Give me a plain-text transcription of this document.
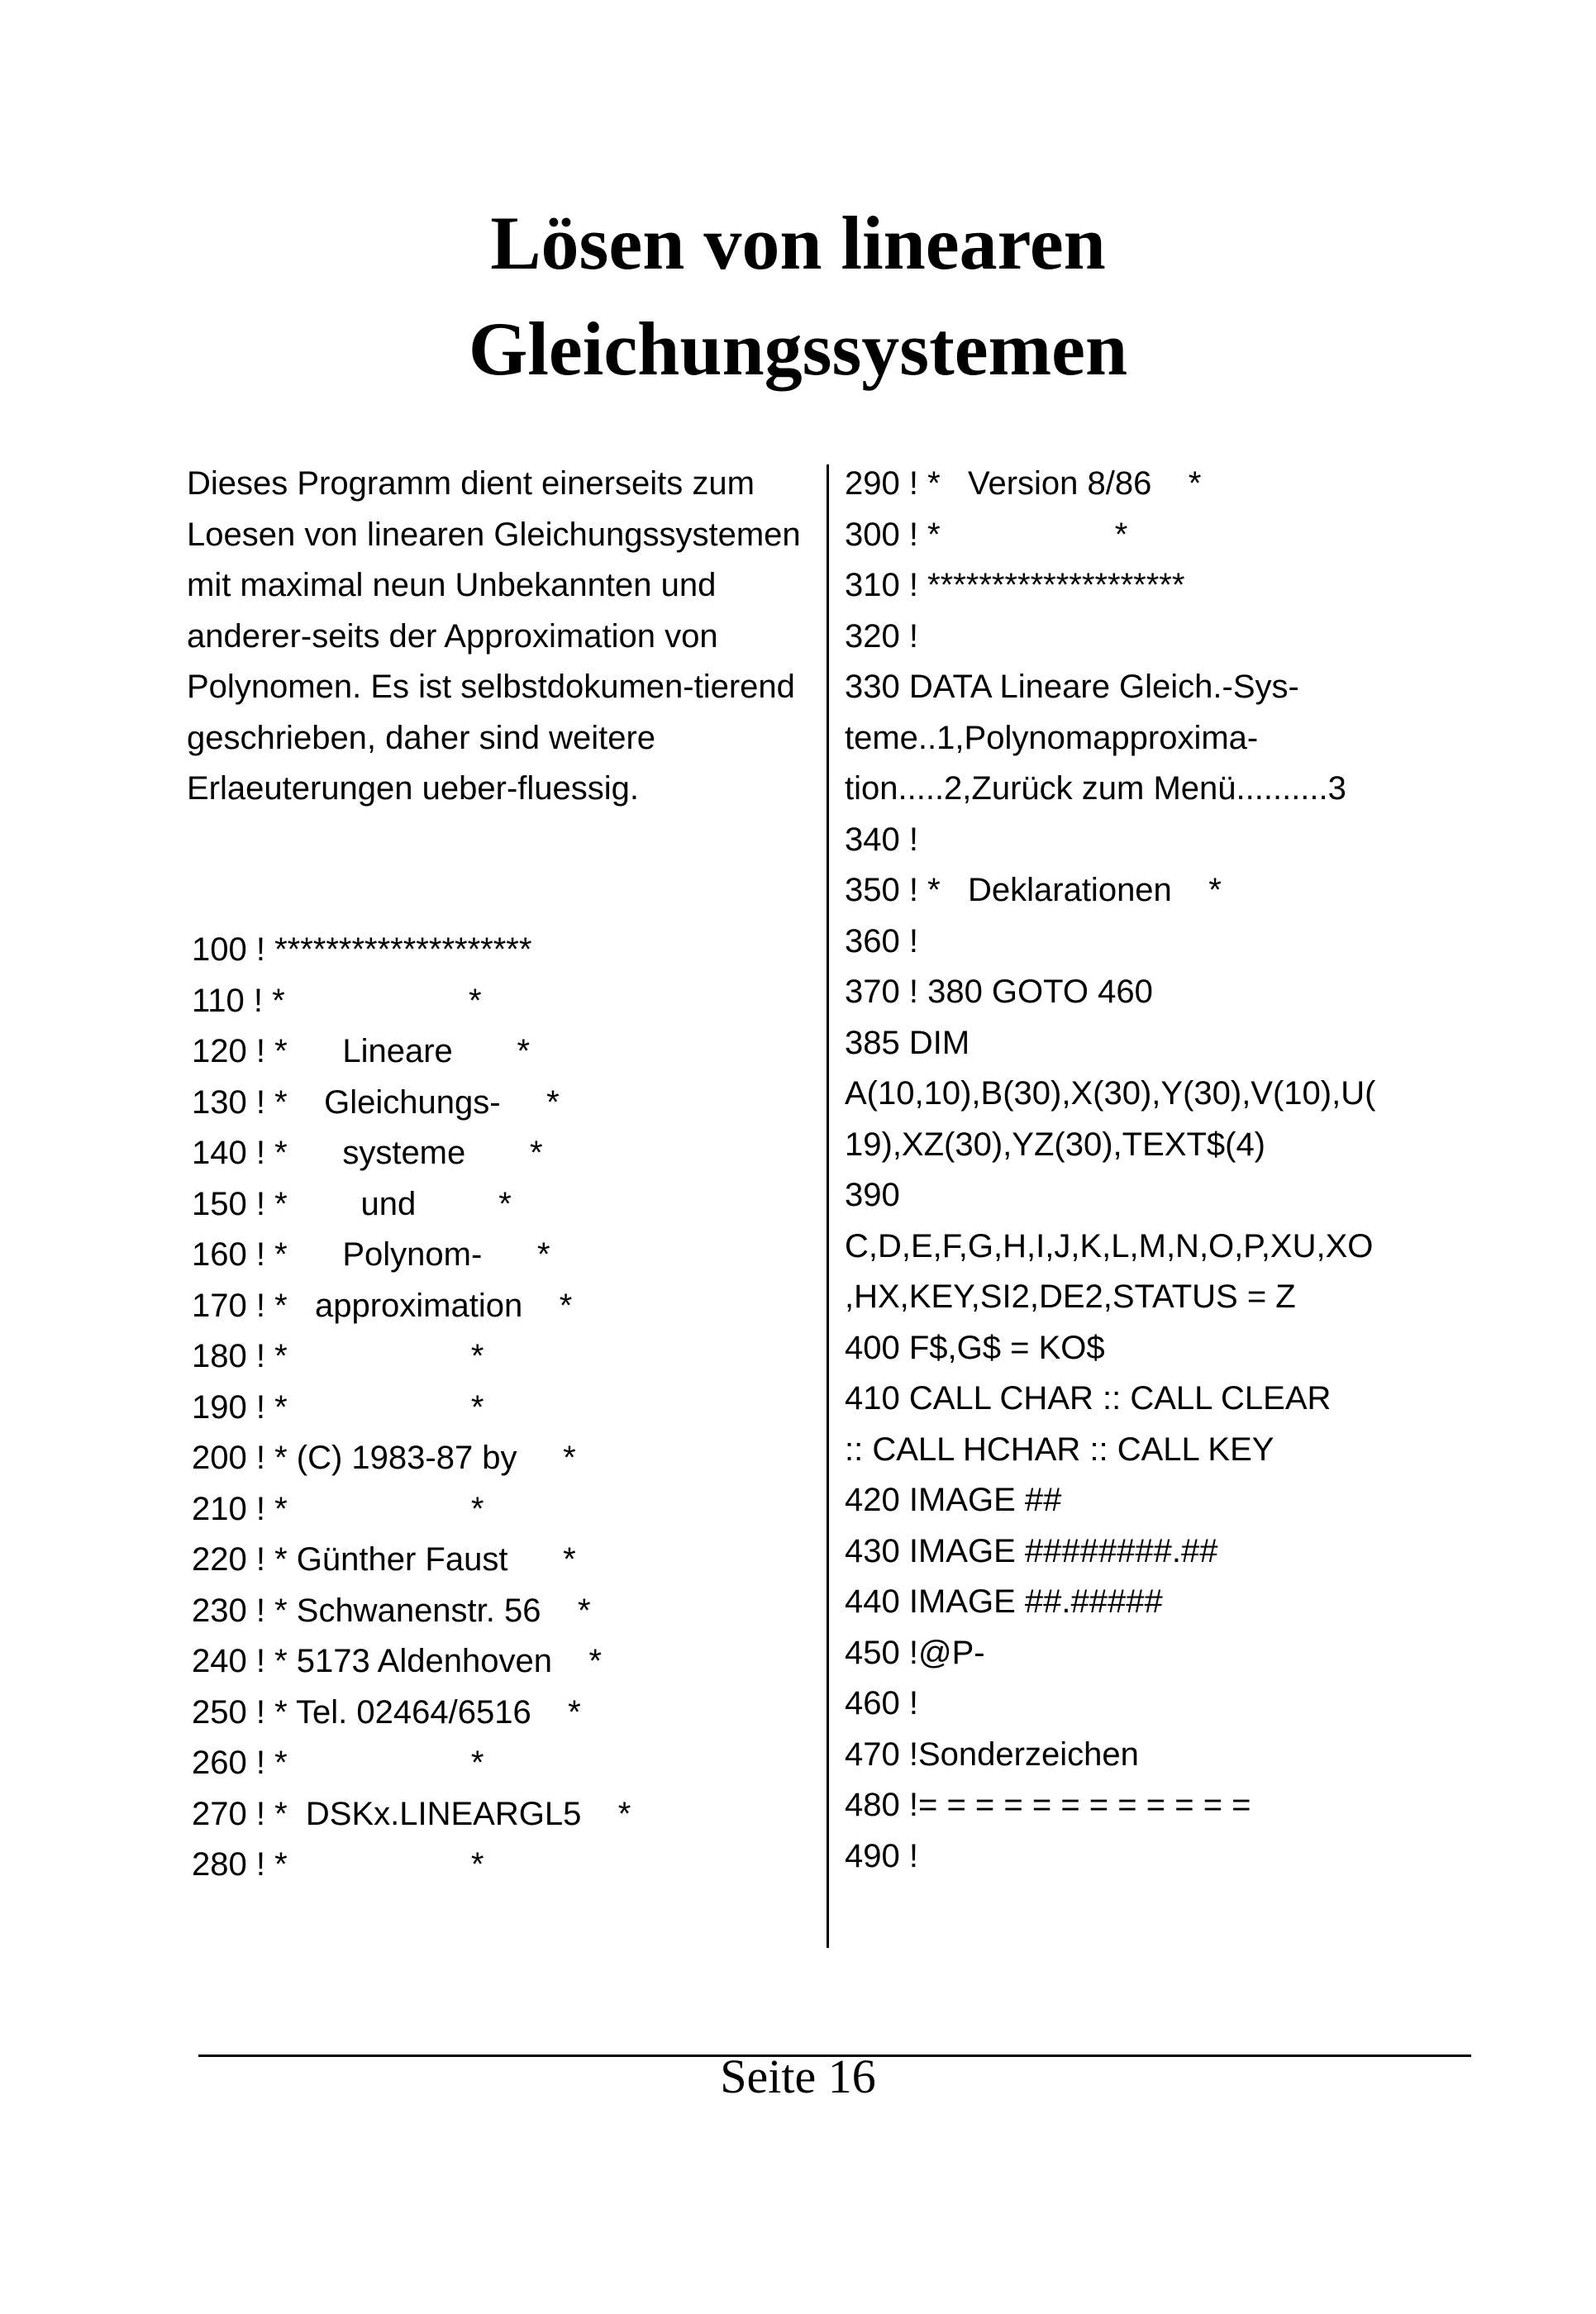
Lösen von linearen
Gleichungssystemen
Dieses Programm dient einerseits zum Loesen von linearen Gleichungssystemen mit maximal neun Unbekannten und anderer-seits der Approximation von Polynomen. Es ist selbstdokumen-tierend geschrieben, daher sind weitere Erlaeuterungen ueber-fluessig.
100 ! ********************
110 ! *                    *
120 ! *      Lineare       *
130 ! *    Gleichungs-     *
140 ! *      systeme       *
150 ! *        und         *
160 ! *      Polynom-      *
170 ! *   approximation    *
180 ! *                    *
190 ! *                    *
200 ! * (C) 1983-87 by     *
210 ! *                    *
220 ! * Günther Faust      *
230 ! * Schwanenstr. 56    *
240 ! * 5173 Aldenhoven    *
250 ! * Tel. 02464/6516    *
260 ! *                    *
270 ! *  DSKx.LINEARGL5    *
280 ! *                    *
290 ! *   Version 8/86    *
300 ! *                   *
310 ! ********************
320 !
330 DATA Lineare Gleich.-Sys-
teme..1,Polynomapproxima-
tion.....2,Zurück zum Menü..........3
340 !
350 ! *   Deklarationen    *
360 !
370 ! 380 GOTO 460
385 DIM
A(10,10),B(30),X(30),Y(30),V(10),U(
19),XZ(30),YZ(30),TEXT$(4)
390
C,D,E,F,G,H,I,J,K,L,M,N,O,P,XU,XO
,HX,KEY,SI2,DE2,STATUS = Z
400 F$,G$ = KO$
410 CALL CHAR :: CALL CLEAR
:: CALL HCHAR :: CALL KEY
420 IMAGE ##
430 IMAGE ########.##
440 IMAGE ##.#####
450 !@P-
460 !
470 !Sonderzeichen
480 != = = = = = = = = = = =
490 !
Seite 16
